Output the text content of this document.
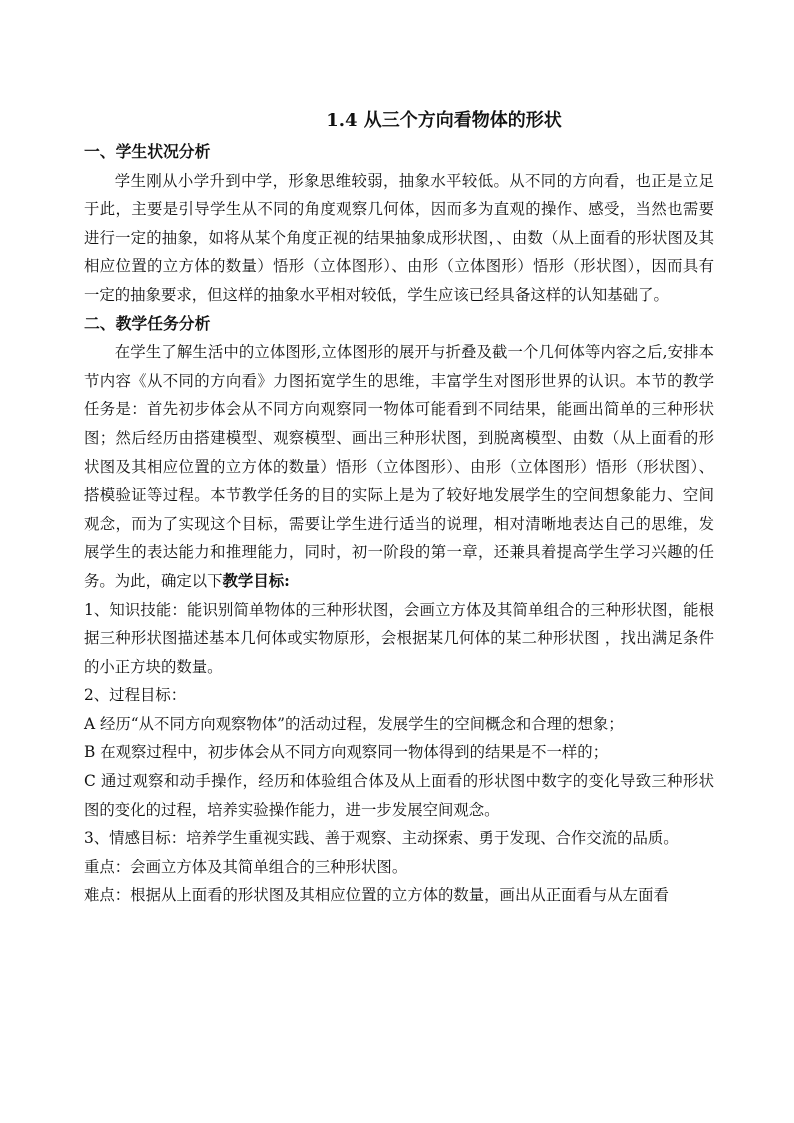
1.4 从三个方向看物体的形状

一、学生状况分析

学生刚从小学升到中学，形象思维较弱，抽象水平较低。从不同的方向看，也正是立足于此，主要是引导学生从不同的角度观察几何体，因而多为直观的操作、感受，当然也需要进行一定的抽象，如将从某个角度正视的结果抽象成形状图，、由数（从上面看的形状图及其相应位置的立方体的数量）悟形（立体图形）、由形（立体图形）悟形（形状图），因而具有一定的抽象要求，但这样的抽象水平相对较低，学生应该已经具备这样的认知基础了。

二、教学任务分析

在学生了解生活中的立体图形,立体图形的展开与折叠及截一个几何体等内容之后,安排本节内容《从不同的方向看》力图拓宽学生的思维，丰富学生对图形世界的认识。本节的教学任务是：首先初步体会从不同方向观察同一物体可能看到不同结果，能画出简单的三种形状图；然后经历由搭建模型、观察模型、画出三种形状图，到脱离模型、由数（从上面看的形状图及其相应位置的立方体的数量）悟形（立体图形）、由形（立体图形）悟形（形状图）、搭模验证等过程。本节教学任务的目的实际上是为了较好地发展学生的空间想象能力、空间观念，而为了实现这个目标，需要让学生进行适当的说理，相对清晰地表达自己的思维，发展学生的表达能力和推理能力，同时，初一阶段的第一章，还兼具着提高学生学习兴趣的任务。为此，确定以下教学目标:

1、知识技能：能识别简单物体的三种形状图，会画立方体及其简单组合的三种形状图，能根据三种形状图描述基本几何体或实物原形，会根据某几何体的某二种形状图 ，找出满足条件的小正方块的数量。

2、过程目标：

A 经历“从不同方向观察物体”的活动过程，发展学生的空间概念和合理的想象；

B 在观察过程中，初步体会从不同方向观察同一物体得到的结果是不一样的；

C 通过观察和动手操作，经历和体验组合体及从上面看的形状图中数字的变化导致三种形状图的变化的过程，培养实验操作能力，进一步发展空间观念。

3、情感目标：培养学生重视实践、善于观察、主动探索、勇于发现、合作交流的品质。

重点：会画立方体及其简单组合的三种形状图。

难点：根据从上面看的形状图及其相应位置的立方体的数量，画出从正面看与从左面看
